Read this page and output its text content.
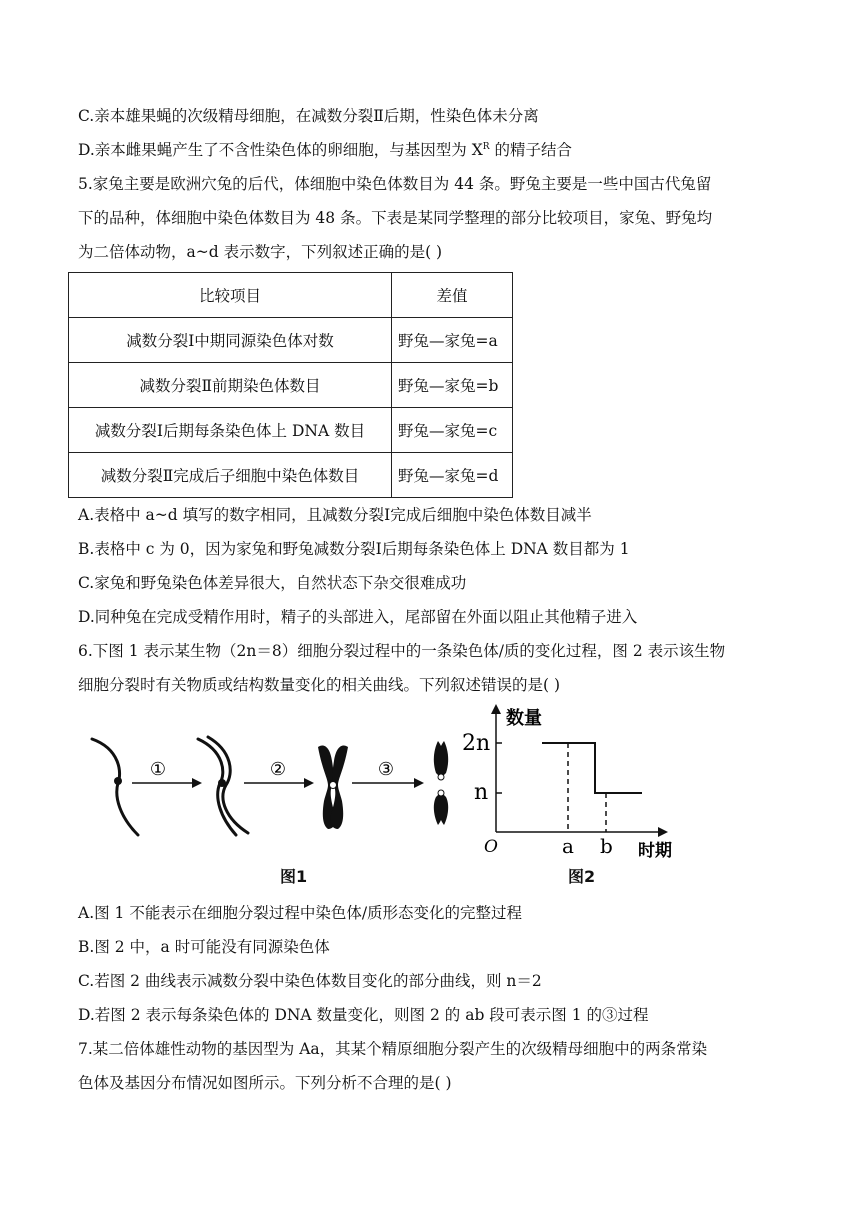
C.亲本雄果蝇的次级精母细胞，在减数分裂Ⅱ后期，性染色体未分离
D.亲本雌果蝇产生了不含性染色体的卵细胞，与基因型为 $X^R$ 的精子结合
5.家兔主要是欧洲穴兔的后代，体细胞中染色体数目为 44 条。野兔主要是一些中国古代兔留
下的品种，体细胞中染色体数目为 48 条。下表是某同学整理的部分比较项目，家兔、野兔均
为二倍体动物，a~d 表示数字，下列叙述正确的是( )
比较项目	差值
减数分裂Ⅰ中期同源染色体对数	野兔—家兔=a
减数分裂Ⅱ前期染色体数目	野兔—家兔=b
减数分裂Ⅰ后期每条染色体上 DNA 数目	野兔—家兔=c
减数分裂Ⅱ完成后子细胞中染色体数目	野兔—家兔=d
A.表格中 a~d 填写的数字相同，且减数分裂Ⅰ完成后细胞中染色体数目减半
B.表格中 c 为 0，因为家兔和野兔减数分裂Ⅰ后期每条染色体上 DNA 数目都为 1
C.家兔和野兔染色体差异很大，自然状态下杂交很难成功
D.同种兔在完成受精作用时，精子的头部进入，尾部留在外面以阻止其他精子进入
6.下图 1 表示某生物（2n＝8）细胞分裂过程中的一条染色体/质的变化过程，图 2 表示该生物
细胞分裂时有关物质或结构数量变化的相关曲线。下列叙述错误的是( )
①	②	③
图1
数量
时期
O
2n
n
a b
图2
A.图 1 不能表示在细胞分裂过程中染色体/质形态变化的完整过程
B.图 2 中，a 时可能没有同源染色体
C.若图 2 曲线表示减数分裂中染色体数目变化的部分曲线，则 n＝2
D.若图 2 表示每条染色体的 DNA 数量变化，则图 2 的 ab 段可表示图 1 的③过程
7.某二倍体雄性动物的基因型为 Aa，其某个精原细胞分裂产生的次级精母细胞中的两条常染
色体及基因分布情况如图所示。下列分析不合理的是( )
